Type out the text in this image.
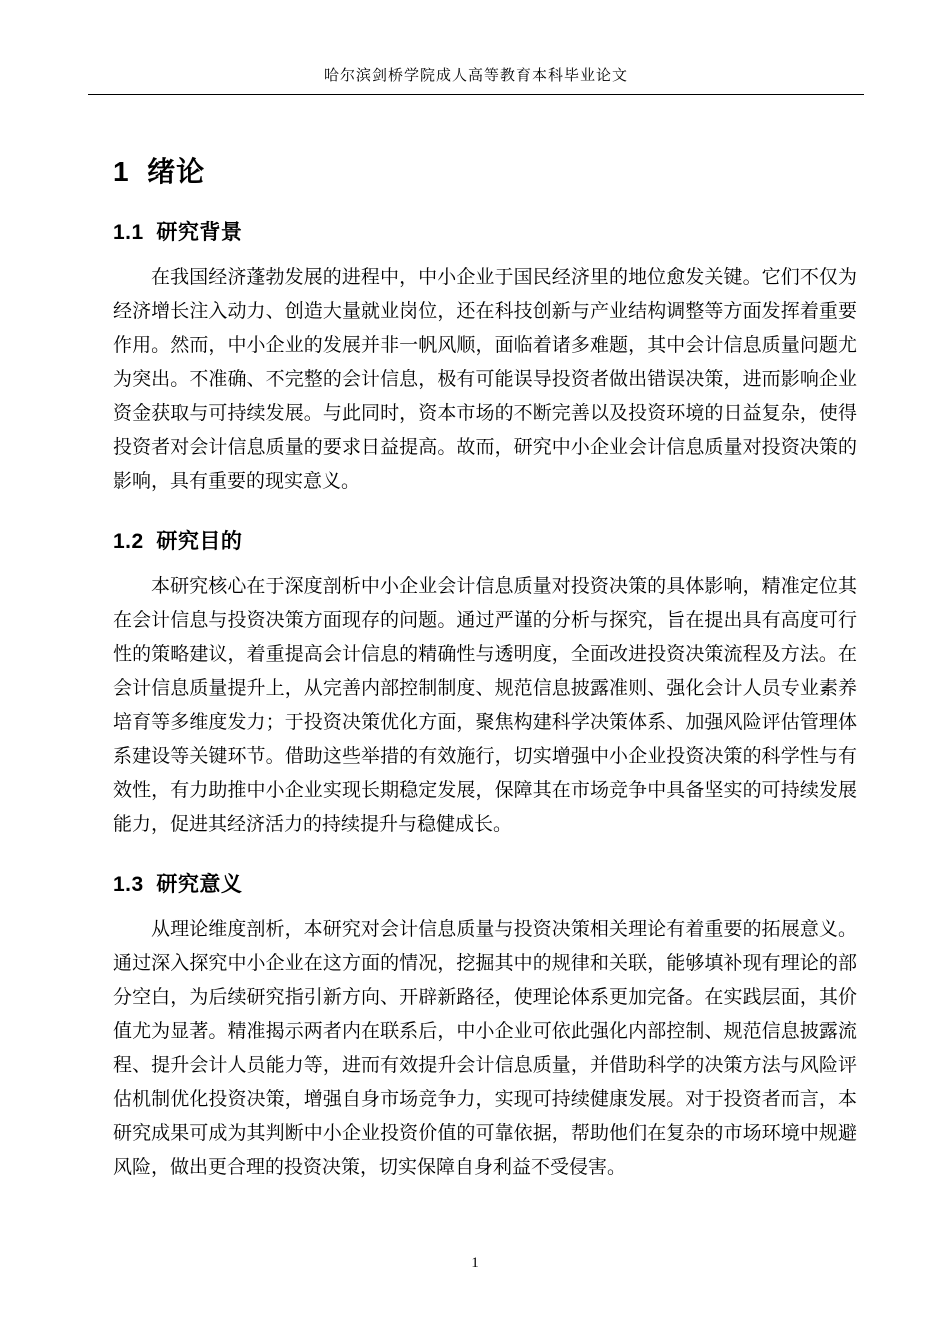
哈尔滨剑桥学院成人高等教育本科毕业论文
1  绪论
1.1  研究背景

在我国经济蓬勃发展的进程中，中小企业于国民经济里的地位愈发关键。它们不仅为经济增长注入动力、创造大量就业岗位，还在科技创新与产业结构调整等方面发挥着重要作用。然而，中小企业的发展并非一帆风顺，面临着诸多难题，其中会计信息质量问题尤为突出。不准确、不完整的会计信息，极有可能误导投资者做出错误决策，进而影响企业资金获取与可持续发展。与此同时，资本市场的不断完善以及投资环境的日益复杂，使得投资者对会计信息质量的要求日益提高。故而，研究中小企业会计信息质量对投资决策的影响，具有重要的现实意义。

1.2  研究目的

本研究核心在于深度剖析中小企业会计信息质量对投资决策的具体影响，精准定位其在会计信息与投资决策方面现存的问题。通过严谨的分析与探究，旨在提出具有高度可行性的策略建议，着重提高会计信息的精确性与透明度，全面改进投资决策流程及方法。在会计信息质量提升上，从完善内部控制制度、规范信息披露准则、强化会计人员专业素养培育等多维度发力；于投资决策优化方面，聚焦构建科学决策体系、加强风险评估管理体系建设等关键环节。借助这些举措的有效施行，切实增强中小企业投资决策的科学性与有效性，有力助推中小企业实现长期稳定发展，保障其在市场竞争中具备坚实的可持续发展能力，促进其经济活力的持续提升与稳健成长。

1.3  研究意义

从理论维度剖析，本研究对会计信息质量与投资决策相关理论有着重要的拓展意义。通过深入探究中小企业在这方面的情况，挖掘其中的规律和关联，能够填补现有理论的部分空白，为后续研究指引新方向、开辟新路径，使理论体系更加完备。在实践层面，其价值尤为显著。精准揭示两者内在联系后，中小企业可依此强化内部控制、规范信息披露流程、提升会计人员能力等，进而有效提升会计信息质量，并借助科学的决策方法与风险评估机制优化投资决策，增强自身市场竞争力，实现可持续健康发展。对于投资者而言，本研究成果可成为其判断中小企业投资价值的可靠依据，帮助他们在复杂的市场环境中规避风险，做出更合理的投资决策，切实保障自身利益不受侵害。

1
